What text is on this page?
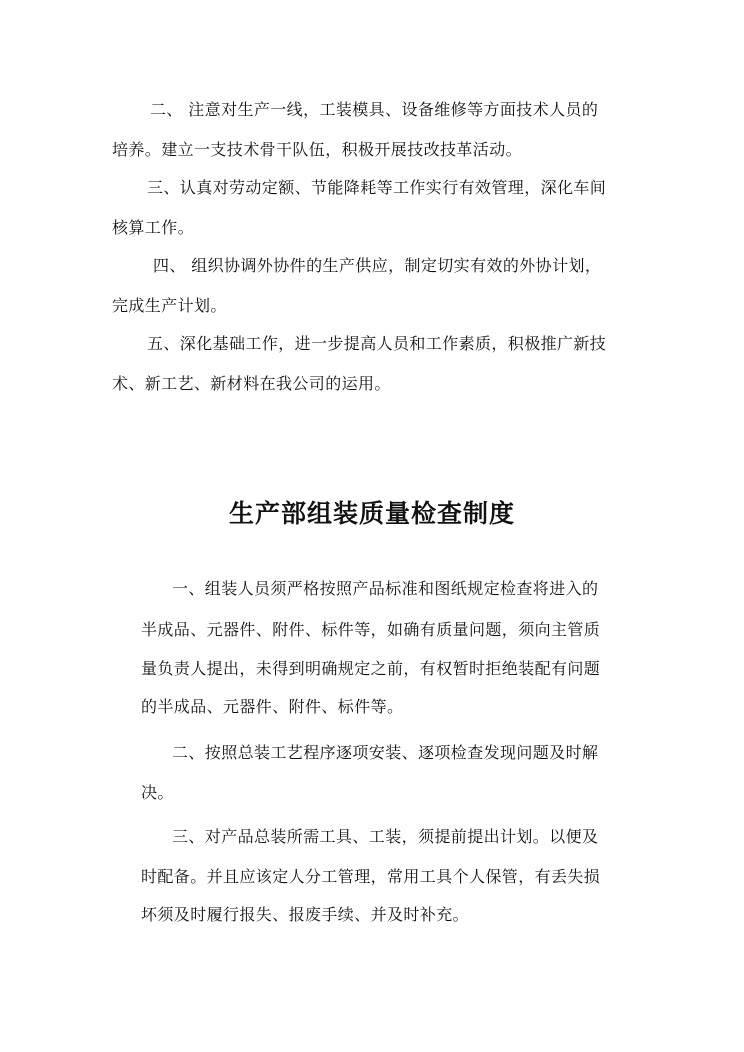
二、 注意对生产一线，工装模具、设备维修等方面技术人员的
培养。建立一支技术骨干队伍，积极开展技改技革活动。
三、认真对劳动定额、节能降耗等工作实行有效管理，深化车间
核算工作。
四、 组织协调外协件的生产供应，制定切实有效的外协计划，
完成生产计划。
五、深化基础工作，进一步提高人员和工作素质，积极推广新技
术、新工艺、新材料在我公司的运用。
生产部组装质量检查制度
一、组装人员须严格按照产品标准和图纸规定检查将进入的
半成品、元器件、附件、标件等，如确有质量问题，须向主管质
量负责人提出，未得到明确规定之前，有权暂时拒绝装配有问题
的半成品、元器件、附件、标件等。
二、按照总装工艺程序逐项安装、逐项检查发现问题及时解
决。
三、对产品总装所需工具、工装，须提前提出计划。以便及
时配备。并且应该定人分工管理，常用工具个人保管，有丢失损
坏须及时履行报失、报废手续、并及时补充。
